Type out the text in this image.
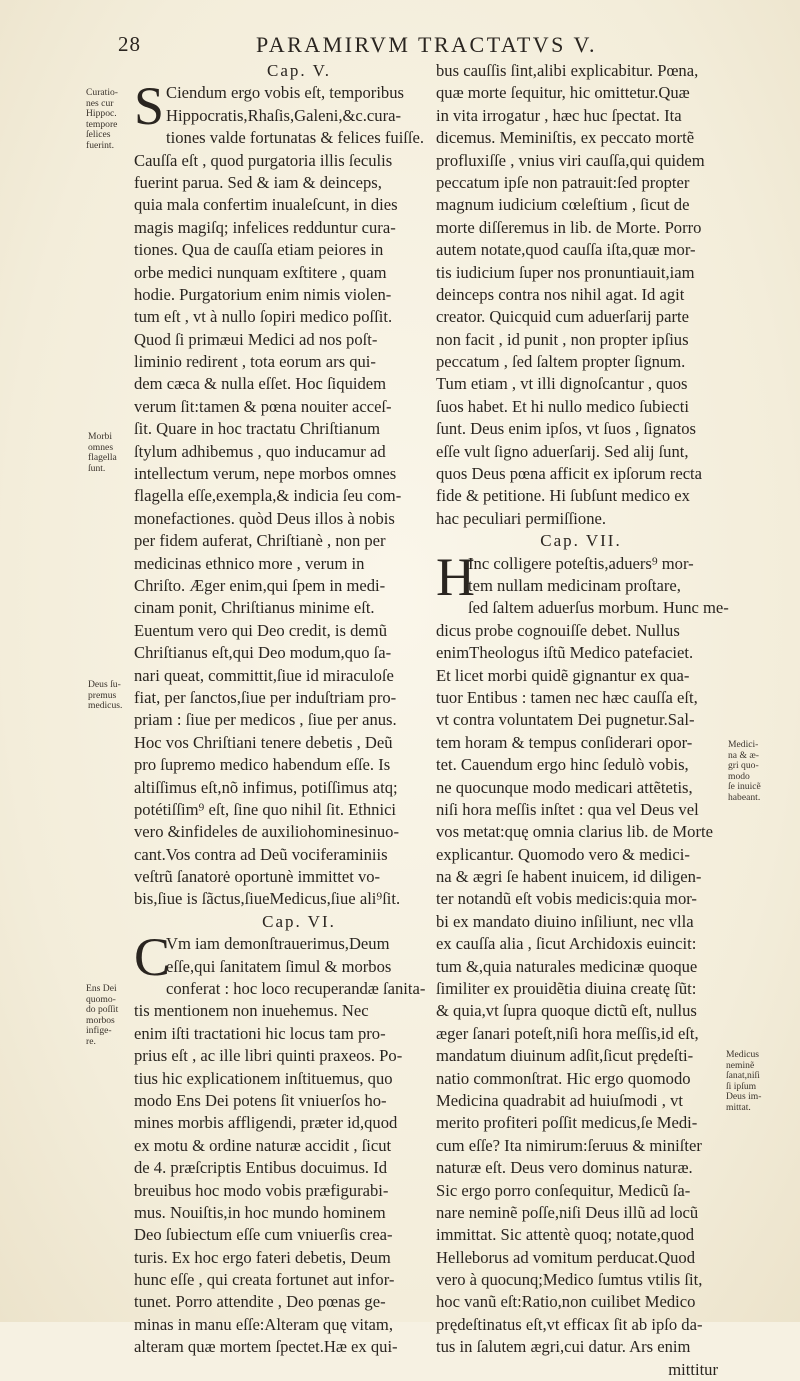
28	PARAMIRVM TRACTATVS V.
Cap. V.
S Ciendum ergo vobis eſt, temporibus
Hippocratis,Rhaſis,Galeni,&c.cura-
tiones valde fortunatas & felices fuiſſe.
Cauſſa eſt , quod purgatoria illis ſeculis
fuerint parua. Sed & iam & deinceps,
quia mala confertim inualeſcunt, in dies
magis magiſq; infelices redduntur cura-
tiones. Qua de cauſſa etiam peiores in
orbe medici nunquam exſtitere , quam
hodie. Purgatorium enim nimis violen-
tum eſt , vt à nullo ſopiri medico poſſit.
Quod ſi primæui Medici ad nos poſt-
liminio redirent , tota eorum ars qui-
dem cæca & nulla eſſet. Hoc ſiquidem
verum ſit:tamen & pœna nouiter acceſ-
ſit. Quare in hoc tractatu Chriſtianum
ſtylum adhibemus , quo inducamur ad
intellectum verum, nepe morbos omnes
flagella eſſe,exempla,& indicia ſeu com-
monefactiones. quòd Deus illos à nobis
per fidem auferat, Chriſtianè , non per
medicinas ethnico more , verum in
Chriſto. Æger enim,qui ſpem in medi-
cinam ponit, Chriſtianus minime eſt.
Euentum vero qui Deo credit, is demũ
Chriſtianus eſt,qui Deo modum,quo ſa-
nari queat, committit,ſiue id miraculoſe
fiat, per ſanctos,ſiue per induſtriam pro-
priam : ſiue per medicos , ſiue per anus.
Hoc vos Chriſtiani tenere debetis , Deũ
pro ſupremo medico habendum eſſe. Is
altiſſimus eſt,nõ infimus, potiſſimus atq;
potétiſſim⁹ eſt, ſine quo nihil ſit. Ethnici
vero &infideles de auxiliohominesinuo-
cant.Vos contra ad Deũ vociferaminiis
veſtrũ ſanatorė oportunè immittet vo-
bis,ſiue is ſãctus,ſiueMedicus,ſiue ali⁹ſit.
Cap. VI.
C
Vm iam demonſtrauerimus,Deum
eſſe,qui ſanitatem ſimul & morbos
conferat : hoc loco recuperandæ ſanita-
tis mentionem non inuehemus. Nec
enim iſti tractationi hic locus tam pro-
prius eſt , ac ille libri quinti praxeos. Po-
tius hic explicationem inſtituemus, quo
modo Ens Dei potens ſit vniuerſos ho-
mines morbis affligendi, præter id,quod
ex motu & ordine naturæ accidit , ſicut
de 4. præſcriptis Entibus docuimus. Id
breuibus hoc modo vobis præfigurabi-
mus. Nouiſtis,in hoc mundo hominem
Deo ſubiectum eſſe cum vniuerſis crea-
turis. Ex hoc ergo fateri debetis, Deum
hunc eſſe , qui creata fortunet aut infor-
tunet. Porro attendite , Deo pœnas ge-
minas in manu eſſe:Alteram quę vitam,
alteram quæ mortem ſpectet.Hæ ex qui-
bus cauſſis ſint,alibi explicabitur. Pœna,
quæ morte ſequitur, hic omittetur.Quæ
in vita irrogatur , hæc huc ſpectat. Ita
dicemus. Meminiſtis, ex peccato mortẽ
profluxiſſe , vnius viri cauſſa,qui quidem
peccatum ipſe non patrauit:ſed propter
magnum iudicium cœleſtium , ſicut de
morte diſſeremus in lib. de Morte. Porro
autem notate,quod cauſſa iſta,quæ mor-
tis iudicium ſuper nos pronuntiauit,iam
deinceps contra nos nihil agat. Id agit
creator. Quicquid cum aduerſarij parte
non facit , id punit , non propter ipſius
peccatum , ſed ſaltem propter ſignum.
Tum etiam , vt illi dignoſcantur , quos
ſuos habet. Et hi nullo medico ſubiecti
ſunt. Deus enim ipſos, vt ſuos , ſignatos
eſſe vult ſigno aduerſarij. Sed alij ſunt,
quos Deus pœna afficit ex ipſorum recta
fide & petitione. Hi ſubſunt medico ex
hac peculiari permiſſione.
Cap. VII.
H
Inc colligere poteſtis,aduers⁹ mor-
tem nullam medicinam proſtare,
ſed ſaltem aduerſus morbum. Hunc me-
dicus probe cognouiſſe debet. Nullus
enimTheologus iſtũ Medico patefaciet.
Et licet morbi quidẽ gignantur ex qua-
tuor Entibus : tamen nec hæc cauſſa eſt,
vt contra voluntatem Dei pugnetur.Sal-
tem horam & tempus conſiderari opor-
tet. Cauendum ergo hinc ſedulò vobis,
ne quocunque modo medicari attẽtetis,
niſi hora meſſis inſtet : qua vel Deus vel
vos metat:quę omnia clarius lib. de Morte
explicantur. Quomodo vero & medici-
na & ægri ſe habent inuicem, id diligen-
ter notandũ eſt vobis medicis:quia mor-
bi ex mandato diuino inſiliunt, nec vlla
ex cauſſa alia , ſicut Archidoxis euincit:
tum &,quia naturales medicinæ quoque
ſimiliter ex prouidẽtia diuina creatę ſũt:
& quia,vt ſupra quoque dictũ eſt, nullus
æger ſanari poteſt,niſi hora meſſis,id eſt,
mandatum diuinum adſit,ſicut prędeſti-
natio commonſtrat. Hic ergo quomodo
Medicina quadrabit ad huiuſmodi , vt
merito profiteri poſſit medicus,ſe Medi-
cum eſſe? Ita nimirum:ſeruus & miniſter
naturæ eſt. Deus vero dominus naturæ.
Sic ergo porro conſequitur, Medicũ ſa-
nare neminẽ poſſe,niſi Deus illũ ad locũ
immittat. Sic attentè quoq; notate,quod
Helleborus ad vomitum perducat.Quod
vero à quocunq;Medico ſumtus vtilis ſit,
hoc vanũ eſt:Ratio,non cuilibet Medico
prędeſtinatus eſt,vt efficax ſit ab ipſo da-
tus in ſalutem ægri,cui datur. Ars enim
mittitur
Curatio-
nes cur
Hippoc.
tempore
ſelices
fuerint.
Morbi
omnes
flagella
ſunt.
Deus ſu-
premus
medicus.
Ens Dei
quomo-
do poſſit
morbos
infige-
re.
Medici-
na & æ-
gri quo-
modo
ſe inuicẽ
habeant.
Medicus
neminẽ
ſanat,niſi
ſi ipſum
Deus im-
mittat.
